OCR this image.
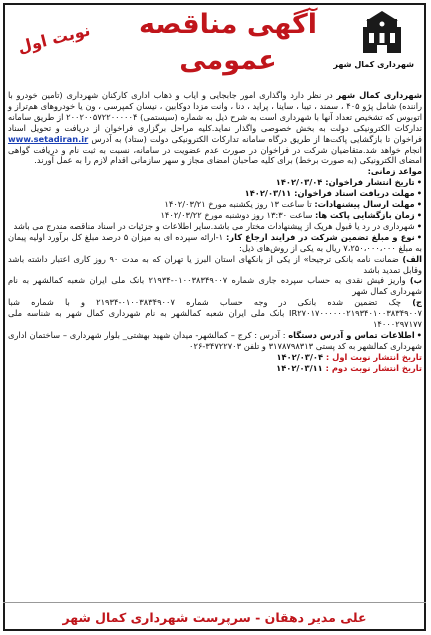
شهرداری کمال شهر
آگهی مناقصه
عمومی
نوبت اول

شهرداری کمال شهر در نظر دارد واگذاری امور جابجایی و ایاب و ذهاب اداری کارکنان شهرداری (تامین خودرو با راننده) شامل پژو ۴۰۵ ، سمند ، تیبا ، ساینا ، پراید ، دنا ، وانت مزدا دوکابین ، نیسان کمپرسی ، ون یا خودروهای هم‌تراز و اتوبوس که تشخیص تعداد آنها با شهرداری است به شرح ذیل به شماره (سیستمی) ۲۰۰۲۰۰۵۷۲۲۰۰۰۰۰۴ از طریق سامانه تدارکات الکترونیکی دولت به بخش خصوصی واگذار نماید.کلیه مراحل برگزاری فراخوان از دریافت و تحویل اسناد فراخوان تا بازگشایی پاکت‌ها از طریق درگاه سامانه تدارکات الکترونیکی دولت (ستاد) به آدرس www.setadiran.ir انجام خواهد شد.متقاضیان شرکت در فراخوان در صورت عدم عضویت در سامانه، نسبت به ثبت نام و دریافت گواهی امضای الکترونیکی (به صورت برخط) برای کلیه صاحبان امضای مجاز و سهر سازمانی اقدام لازم را به عمل آورند.

مواعد زمانی:

•تاریخ انتشار فراخوان: ۱۴۰۲/۰۳/۰۴

•مهلت دریافت اسناد فراخوان: ۱۴۰۲/۰۳/۱۱

•مهلت ارسال پیشنهادات: تا ساعت ۱۳ روز یکشنبه مورخ ۱۴۰۲/۰۳/۲۱

•زمان بازگشایی پاکت ها: ساعت ۱۳:۳۰ روز دوشنبه مورخ ۱۴۰۲/۰۳/۲۲

•شهرداری در رد یا قبول هریک از پیشنهادات مختار می باشد.سایر اطلاعات و جزئیات در اسناد مناقصه مندرج می باشد

•نوع و مبلغ تضمین شرکت در فرایند ارجاع کار: ۱-ارائه سپرده ای به میزان ۵ درصد مبلغ کل برآورد اولیه پیمان به مبلغ ۷،۲۵۰،۰۰۰،۰۰۰ ریال به یکی از روش‌های ذیل:

الف) ضمانت نامه بانکی ترجیحا» از یکی از بانکهای استان البرز یا تهران که به مدت ۹۰ روز کاری اعتبار داشته باشد وقابل تمدید باشد

ب) واریز فیش نقدی به حساب سپرده جاری شماره ۰۱۰۰۳۸۳۴۹۰۰۷-۲۱۹۳۴ بانک ملی ایران شعبه کمالشهر به نام شهرداری کمال شهر

ج) چک تضمین شده بانکی در وجه حساب شماره ۰۱۰۰۳۸۳۴۹۰۰۷-۲۱۹۳۴ و با شماره شبا IR۲۷۰۱۷۰۰۰۰۰۰۲۱۹۳۴۰۱۰۰۳۸۳۴۹۰۰۷ بانک ملی ایران شعبه کمالشهر به نام شهرداری کمال شهر به شناسه ملی ۱۴۰۰۰۲۹۷۱۷۷

•اطلاعات تماس و آدرس دستگاه : آدرس : کرج – کمالشهر- میدان شهید بهشتی_ بلوار شهرداری – ساختمان اداری شهرداری کمالشهر به کد پستی ۳۱۷۸۷۹۸۳۱۳ و تلفن ۳۴۷۲۲۷۰۳-۰۲۶

تاریخ انتشار نوبت اول : ۱۴۰۲/۰۳/۰۴

تاریخ انتشار نوبت دوم : ۱۴۰۲/۰۳/۱۱

علی مدیر دهقان - سرپرست شهرداری کمال شهر
